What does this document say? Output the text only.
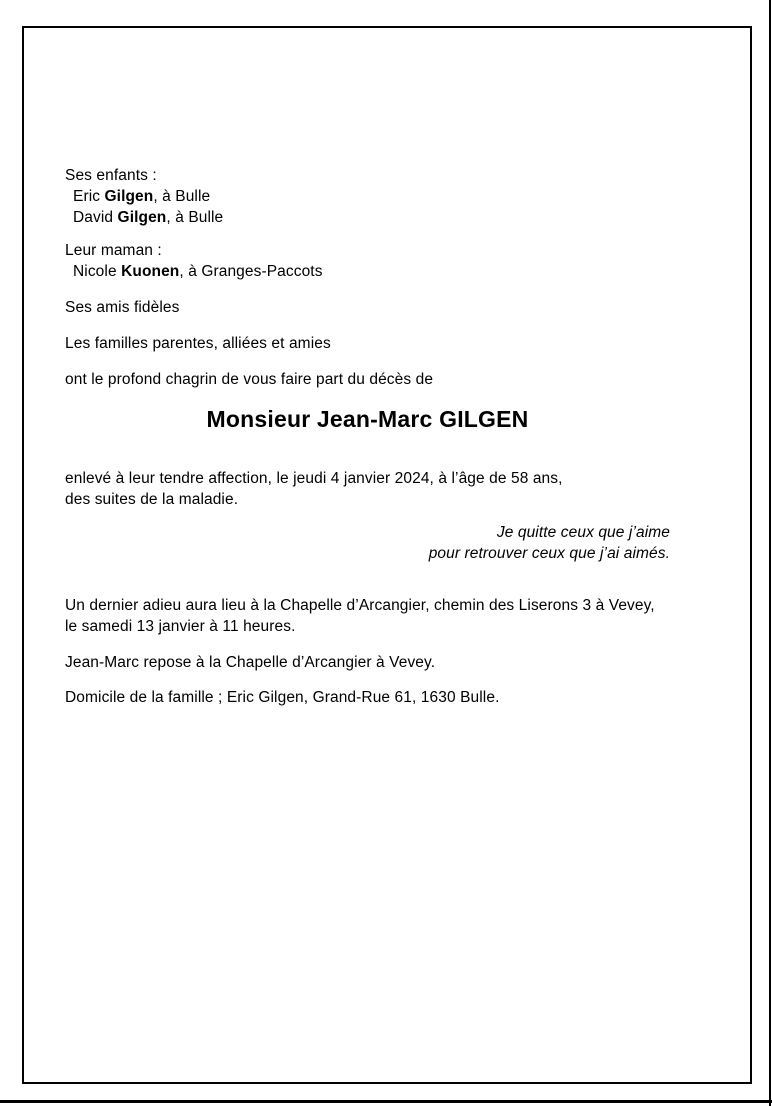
Ses enfants :
Eric Gilgen, à Bulle
David Gilgen, à Bulle

Leur maman :
Nicole Kuonen, à Granges-Paccots

Ses amis fidèles

Les familles parentes, alliées et amies

ont le profond chagrin de vous faire part du décès de

Monsieur Jean-Marc GILGEN

enlevé à leur tendre affection, le jeudi 4 janvier 2024, à l’âge de 58 ans,
des suites de la maladie.

Je quitte ceux que j’aime
pour retrouver ceux que j’ai aimés.

Un dernier adieu aura lieu à la Chapelle d’Arcangier, chemin des Liserons 3 à Vevey,
le samedi 13 janvier à 11 heures.

Jean-Marc repose à la Chapelle d’Arcangier à Vevey.

Domicile de la famille ; Eric Gilgen, Grand-Rue 61, 1630 Bulle.
